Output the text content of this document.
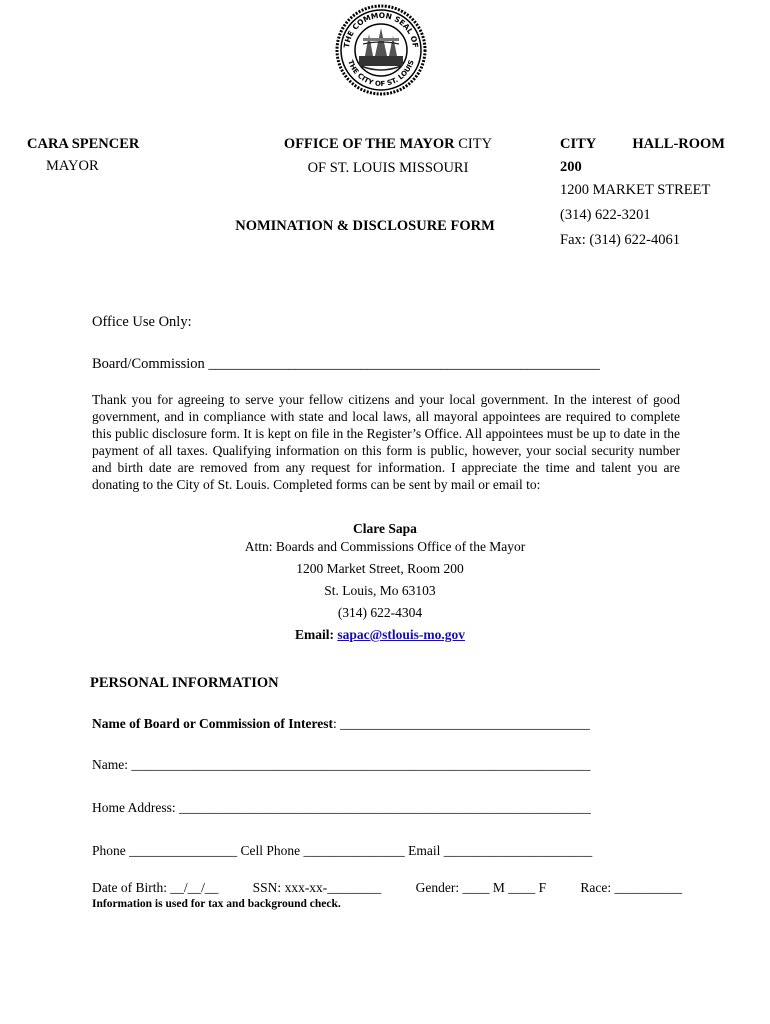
THE COMMON SEAL OF
THE CITY OF ST. LOUIS
CARA SPENCER
MAYOR
OFFICE OF THE MAYOR CITY
OF ST. LOUIS MISSOURI
CITY HALL-ROOM
200
1200 MARKET STREET
(314) 622-3201
Fax: (314) 622-4061
NOMINATION & DISCLOSURE FORM
Office Use Only:
Board/Commission ______________________________________________________
Thank you for agreeing to serve your fellow citizens and your local government. In the interest of good government, and in compliance with state and local laws, all mayoral appointees are required to complete this public disclosure form. It is kept on file in the Register’s Office. All appointees must be up to date in the payment of all taxes. Qualifying information on this form is public, however, your social security number and birth date are removed from any request for information. I appreciate the time and talent you are donating to the City of St. Louis. Completed forms can be sent by mail or email to:
Clare Sapa
Attn: Boards and Commissions Office of the Mayor
1200 Market Street, Room 200
St. Louis, Mo 63103
(314) 622-4304
Email: sapac@stlouis-mo.gov
PERSONAL INFORMATION
Name of Board or Commission of Interest: _____________________________________
Name: ____________________________________________________________________
Home Address: _____________________________________________________________
Phone ________________ Cell Phone _______________ Email ______________________
Date of Birth: __/__/__	SSN: xxx-xx-________	Gender: ____ M ____ F	Race: __________
Information is used for tax and background check.
